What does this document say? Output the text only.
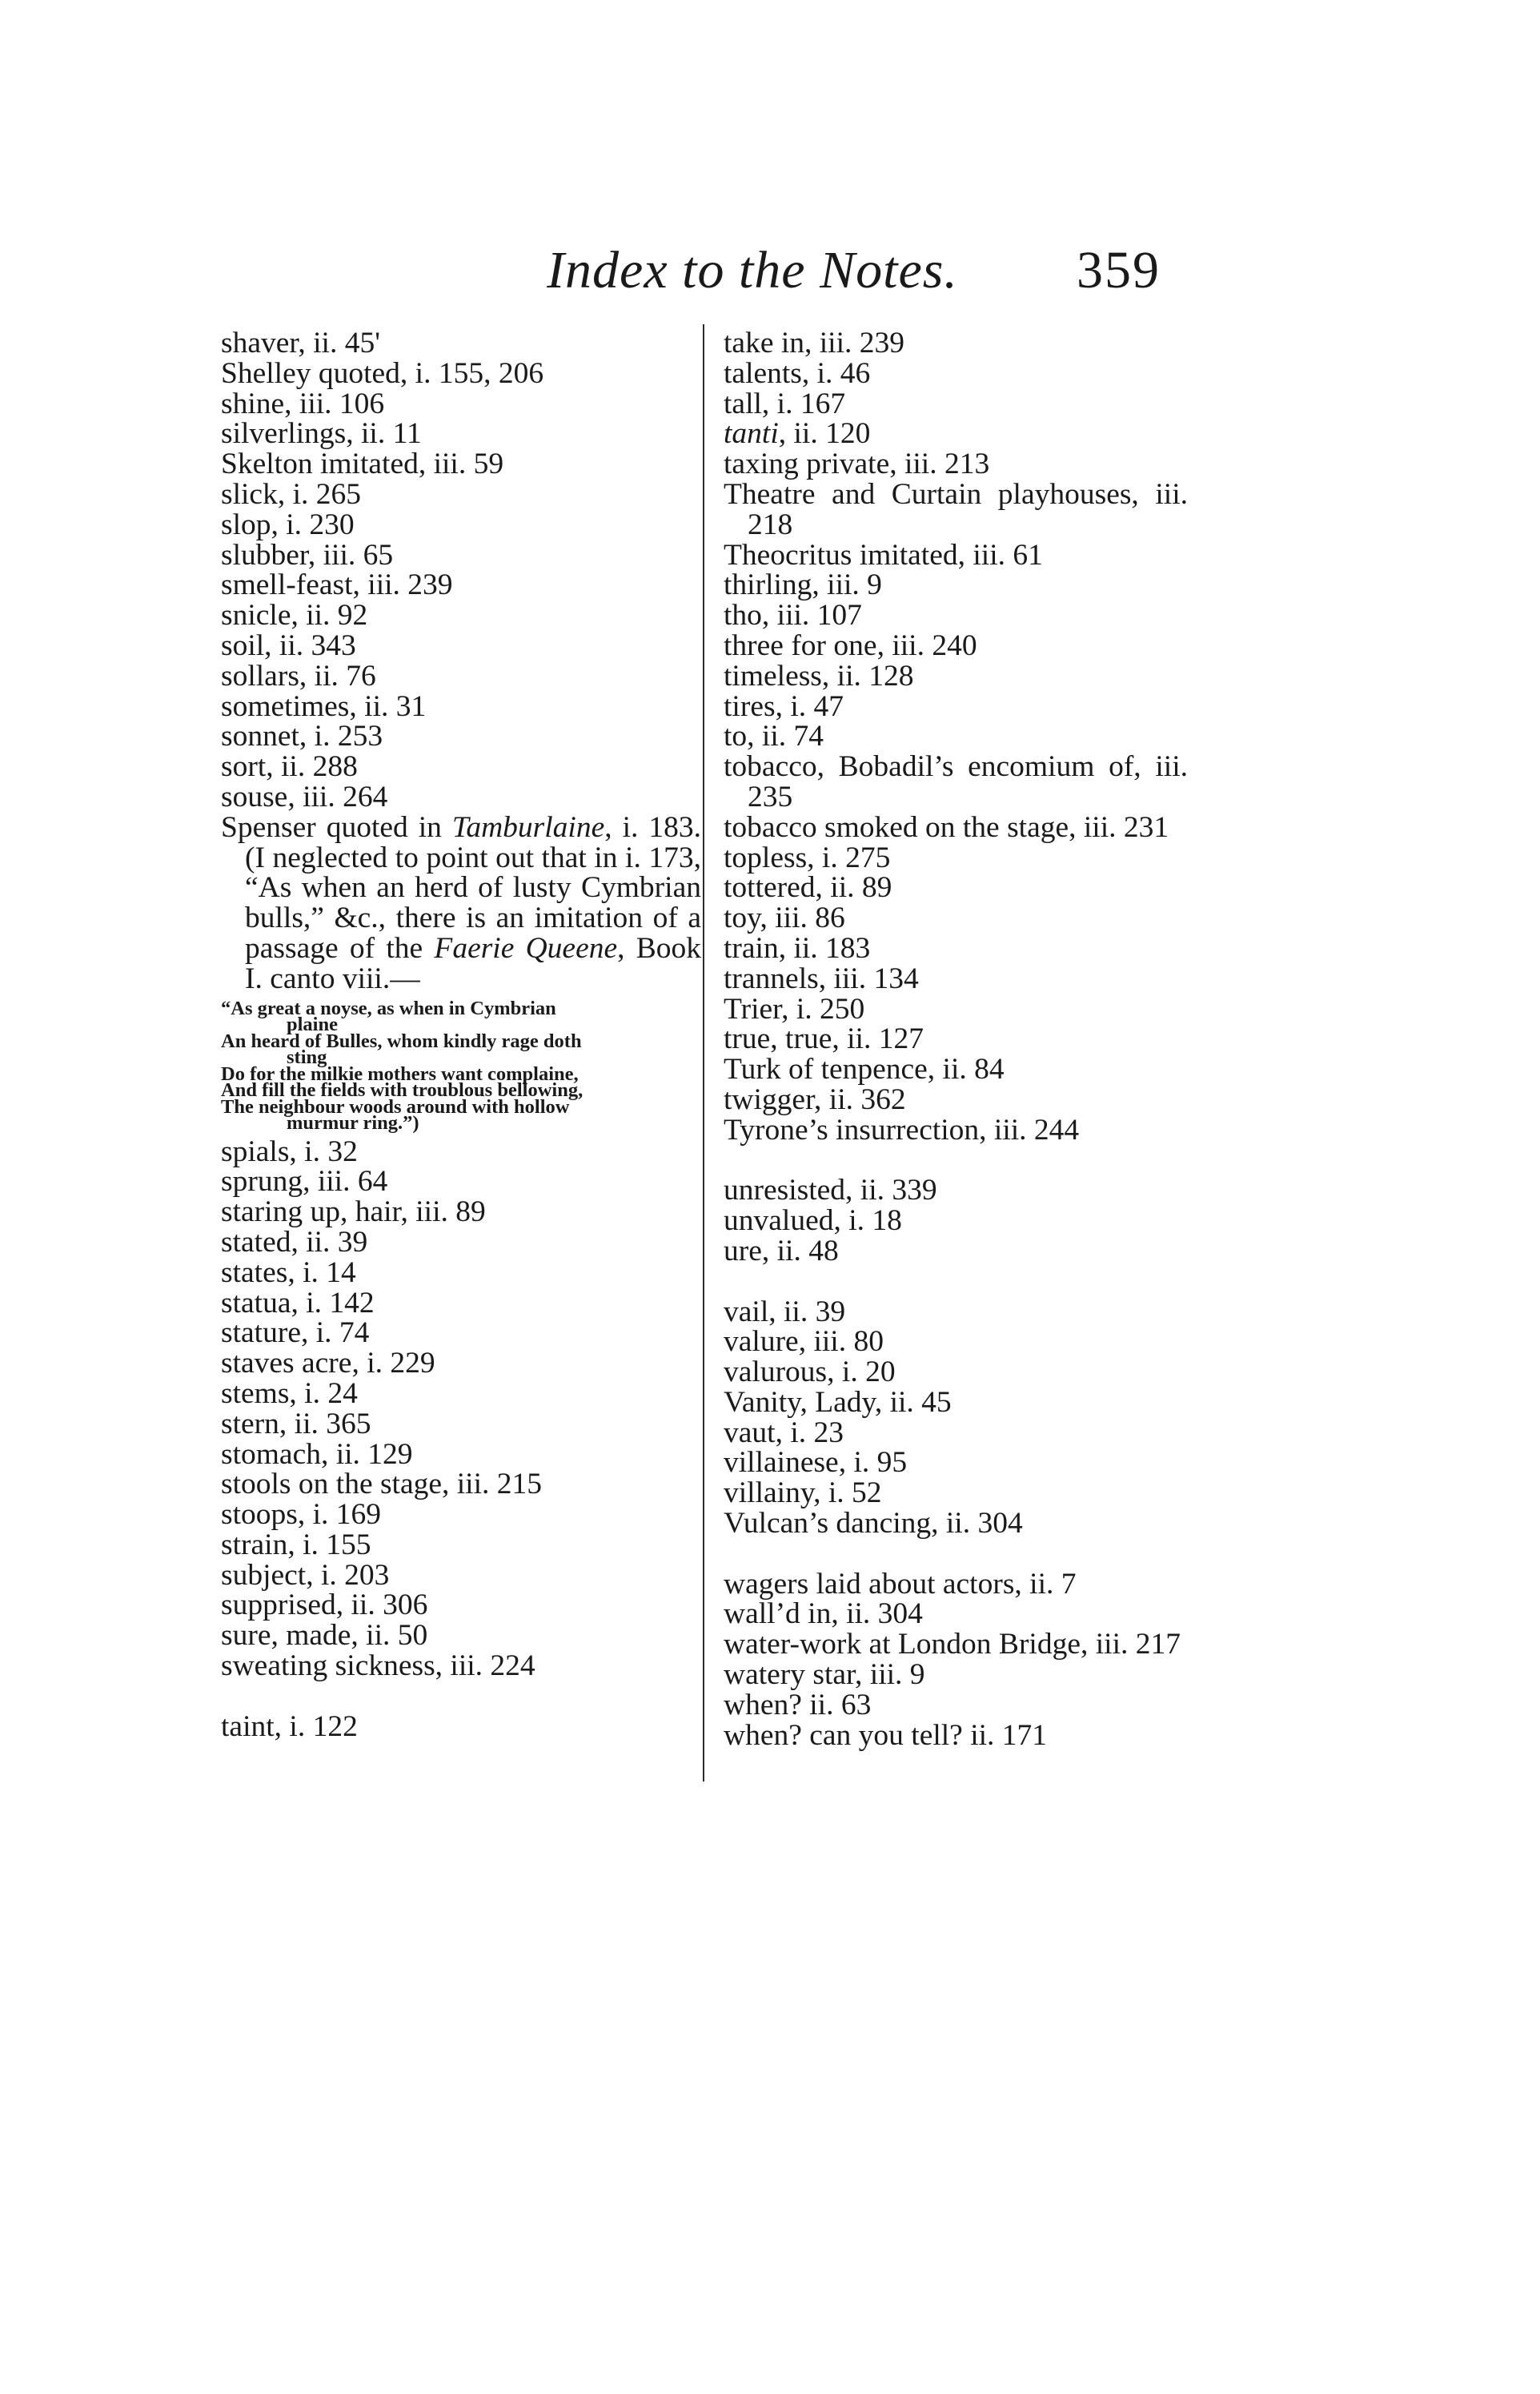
Index to the Notes.	359
shaver, ii. 45'
Shelley quoted, i. 155, 206
shine, iii. 106
silverlings, ii. 11
Skelton imitated, iii. 59
slick, i. 265
slop, i. 230
slubber, iii. 65
smell-feast, iii. 239
snicle, ii. 92
soil, ii. 343
sollars, ii. 76
sometimes, ii. 31
sonnet, i. 253
sort, ii. 288
souse, iii. 264
Spenser quoted in Tamburlaine, i. 183. (I neglected to point out that in i. 173, “As when an herd of lusty Cymbrian bulls,” &c., there is an imitation of a passage of the Faerie Queene, Book I. canto viii.—
“As great a noyse, as when in Cymbrian
plaine
An heard of Bulles, whom kindly rage doth
sting
Do for the milkie mothers want complaine,
And fill the fields with troublous bellowing,
The neighbour woods around with hollow
murmur ring.”)
spials, i. 32
sprung, iii. 64
staring up, hair, iii. 89
stated, ii. 39
states, i. 14
statua, i. 142
stature, i. 74
staves acre, i. 229
stems, i. 24
stern, ii. 365
stomach, ii. 129
stools on the stage, iii. 215
stoops, i. 169
strain, i. 155
subject, i. 203
supprised, ii. 306
sure, made, ii. 50
sweating sickness, iii. 224
taint, i. 122
take in, iii. 239
talents, i. 46
tall, i. 167
tanti, ii. 120
taxing private, iii. 213
Theatre and Curtain playhouses, iii. 218
Theocritus imitated, iii. 61
thirling, iii. 9
tho, iii. 107
three for one, iii. 240
timeless, ii. 128
tires, i. 47
to, ii. 74
tobacco, Bobadil’s encomium of, iii. 235
tobacco smoked on the stage, iii. 231
topless, i. 275
tottered, ii. 89
toy, iii. 86
train, ii. 183
trannels, iii. 134
Trier, i. 250
true, true, ii. 127
Turk of tenpence, ii. 84
twigger, ii. 362
Tyrone’s insurrection, iii. 244
unresisted, ii. 339
unvalued, i. 18
ure, ii. 48
vail, ii. 39
valure, iii. 80
valurous, i. 20
Vanity, Lady, ii. 45
vaut, i. 23
villainese, i. 95
villainy, i. 52
Vulcan’s dancing, ii. 304
wagers laid about actors, ii. 7
wall’d in, ii. 304
water-work at London Bridge, iii. 217
watery star, iii. 9
when? ii. 63
when? can you tell? ii. 171
